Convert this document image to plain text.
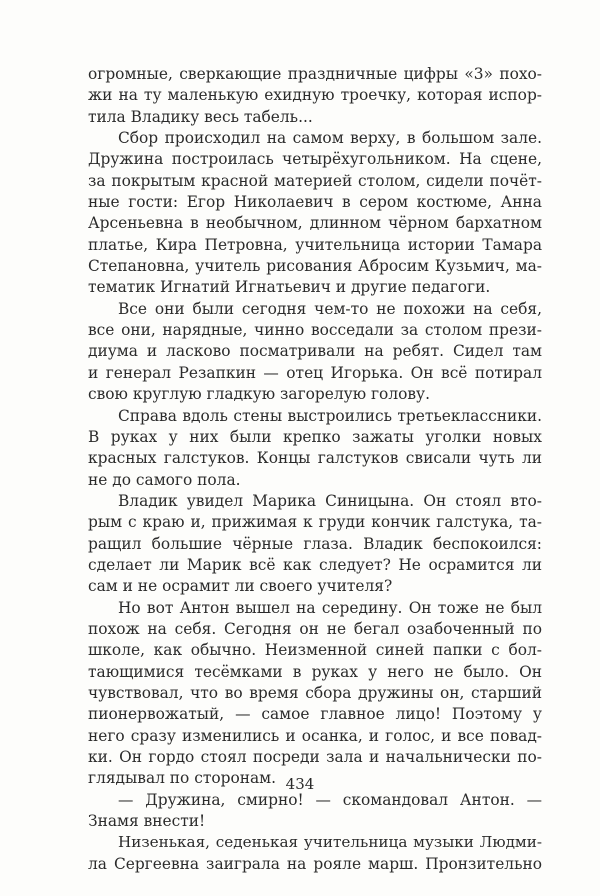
огромные, сверкающие праздничные цифры «3» похо-
жи на ту маленькую ехидную троечку, которая испор-
тила Владику весь табель...
Сбор происходил на самом верху, в большом зале.
Дружина построилась четырёхугольником. На сцене,
за покрытым красной материей столом, сидели почёт-
ные гости: Егор Николаевич в сером костюме, Анна
Арсеньевна в необычном, длинном чёрном бархатном
платье, Кира Петровна, учительница истории Тамара
Степановна, учитель рисования Абросим Кузьмич, ма-
тематик Игнатий Игнатьевич и другие педагоги.
Все они были сегодня чем-то не похожи на себя,
все они, нарядные, чинно восседали за столом прези-
диума и ласково посматривали на ребят. Сидел там
и генерал Резапкин — отец Игорька. Он всё потирал
свою круглую гладкую загорелую голову.
Справа вдоль стены выстроились третьеклассники.
В руках у них были крепко зажаты уголки новых
красных галстуков. Концы галстуков свисали чуть ли
не до самого пола.
Владик увидел Марика Синицына. Он стоял вто-
рым с краю и, прижимая к груди кончик галстука, та-
ращил большие чёрные глаза. Владик беспокоился:
сделает ли Марик всё как следует? Не осрамится ли
сам и не осрамит ли своего учителя?
Но вот Антон вышел на середину. Он тоже не был
похож на себя. Сегодня он не бегал озабоченный по
школе, как обычно. Неизменной синей папки с бол-
тающимися тесёмками в руках у него не было. Он
чувствовал, что во время сбора дружины он, старший
пионервожатый, — самое главное лицо! Поэтому у
него сразу изменились и осанка, и голос, и все повад-
ки. Он гордо стоял посреди зала и начальнически по-
глядывал по сторонам.
— Дружина, смирно! — скомандовал Антон. —
Знамя внести!
Низенькая, седенькая учительница музыки Людми-
ла Сергеевна заиграла на рояле марш. Пронзительно
434
